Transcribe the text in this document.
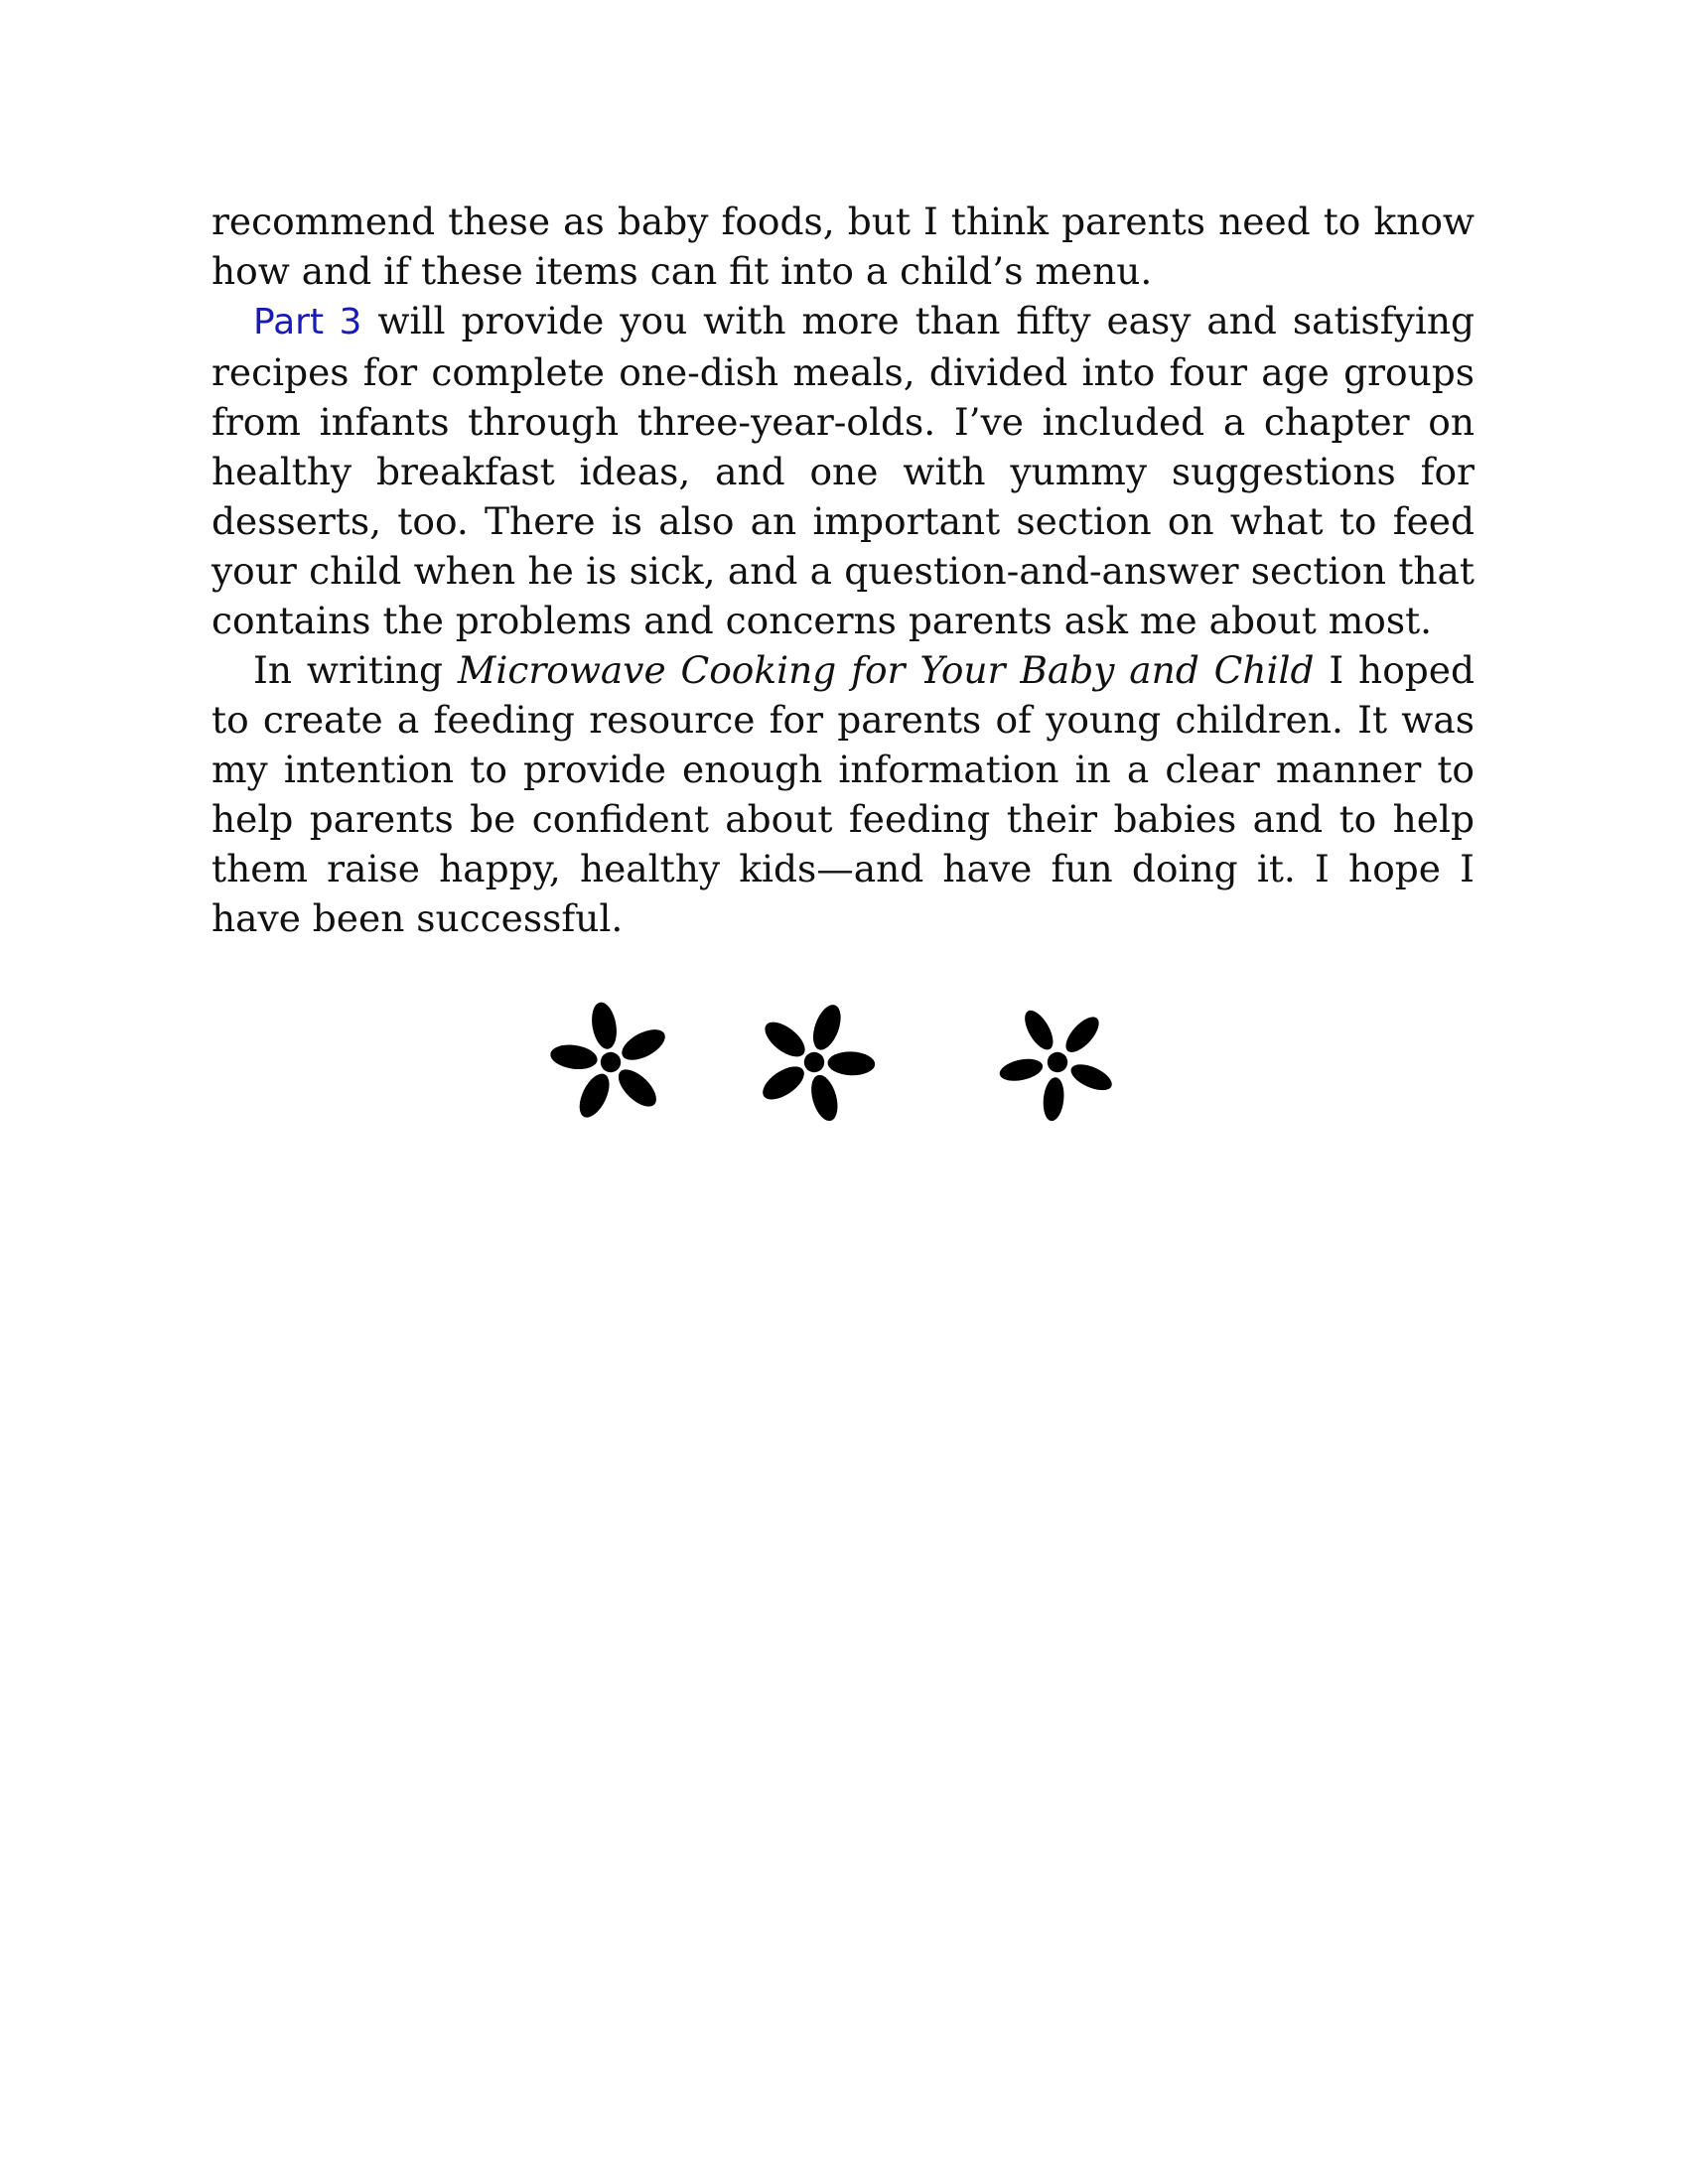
recommend these as baby foods, but I think parents need to know how and if these items can fit into a child’s menu.

Part 3 will provide you with more than fifty easy and satisfying recipes for complete one-dish meals, divided into four age groups from infants through three-year-olds. I’ve included a chapter on healthy breakfast ideas, and one with yummy suggestions for desserts, too. There is also an important section on what to feed your child when he is sick, and a question-and-answer section that contains the problems and concerns parents ask me about most.

In writing Microwave Cooking for Your Baby and Child I hoped to create a feeding resource for parents of young children. It was my intention to provide enough information in a clear manner to help parents be confident about feeding their babies and to help them raise happy, healthy kids—and have fun doing it. I hope I have been successful.
